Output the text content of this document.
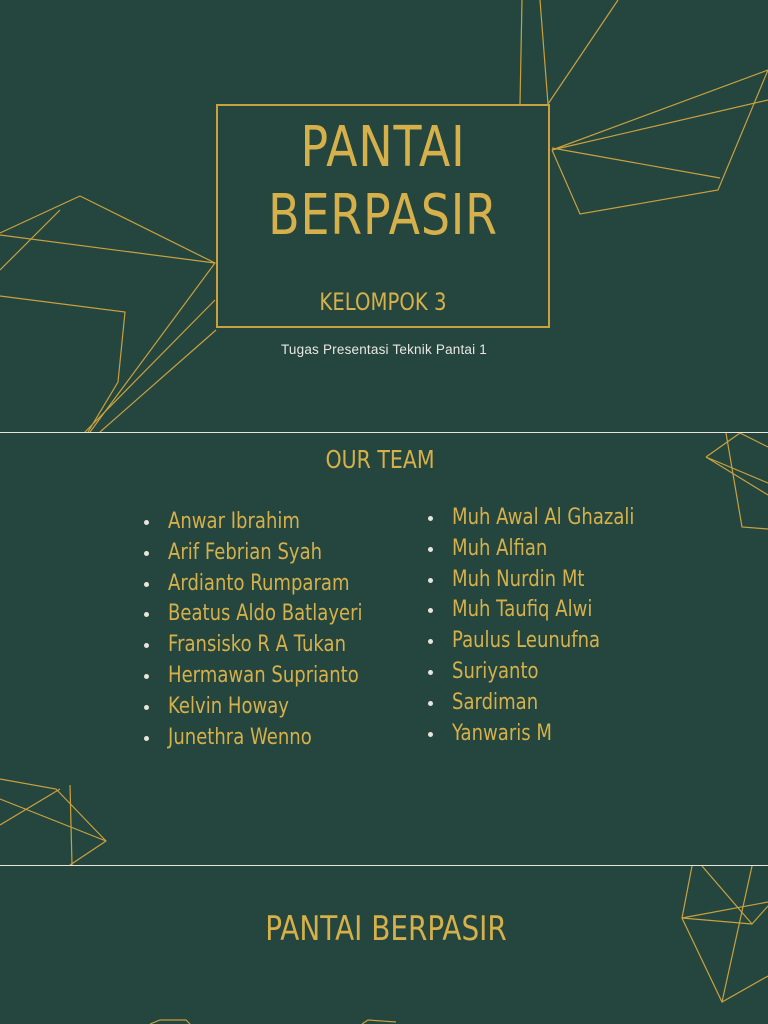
PANTAI
BERPASIR
KELOMPOK 3
Tugas Presentasi Teknik Pantai 1
OUR TEAM
Anwar Ibrahim
Arif Febrian Syah
Ardianto Rumparam
Beatus Aldo Batlayeri
Fransisko R A Tukan
Hermawan Suprianto
Kelvin Howay
Junethra Wenno
Muh Awal Al Ghazali
Muh Alfian
Muh Nurdin Mt
Muh Taufiq Alwi
Paulus Leunufna
Suriyanto
Sardiman
Yanwaris M
PANTAI BERPASIR
